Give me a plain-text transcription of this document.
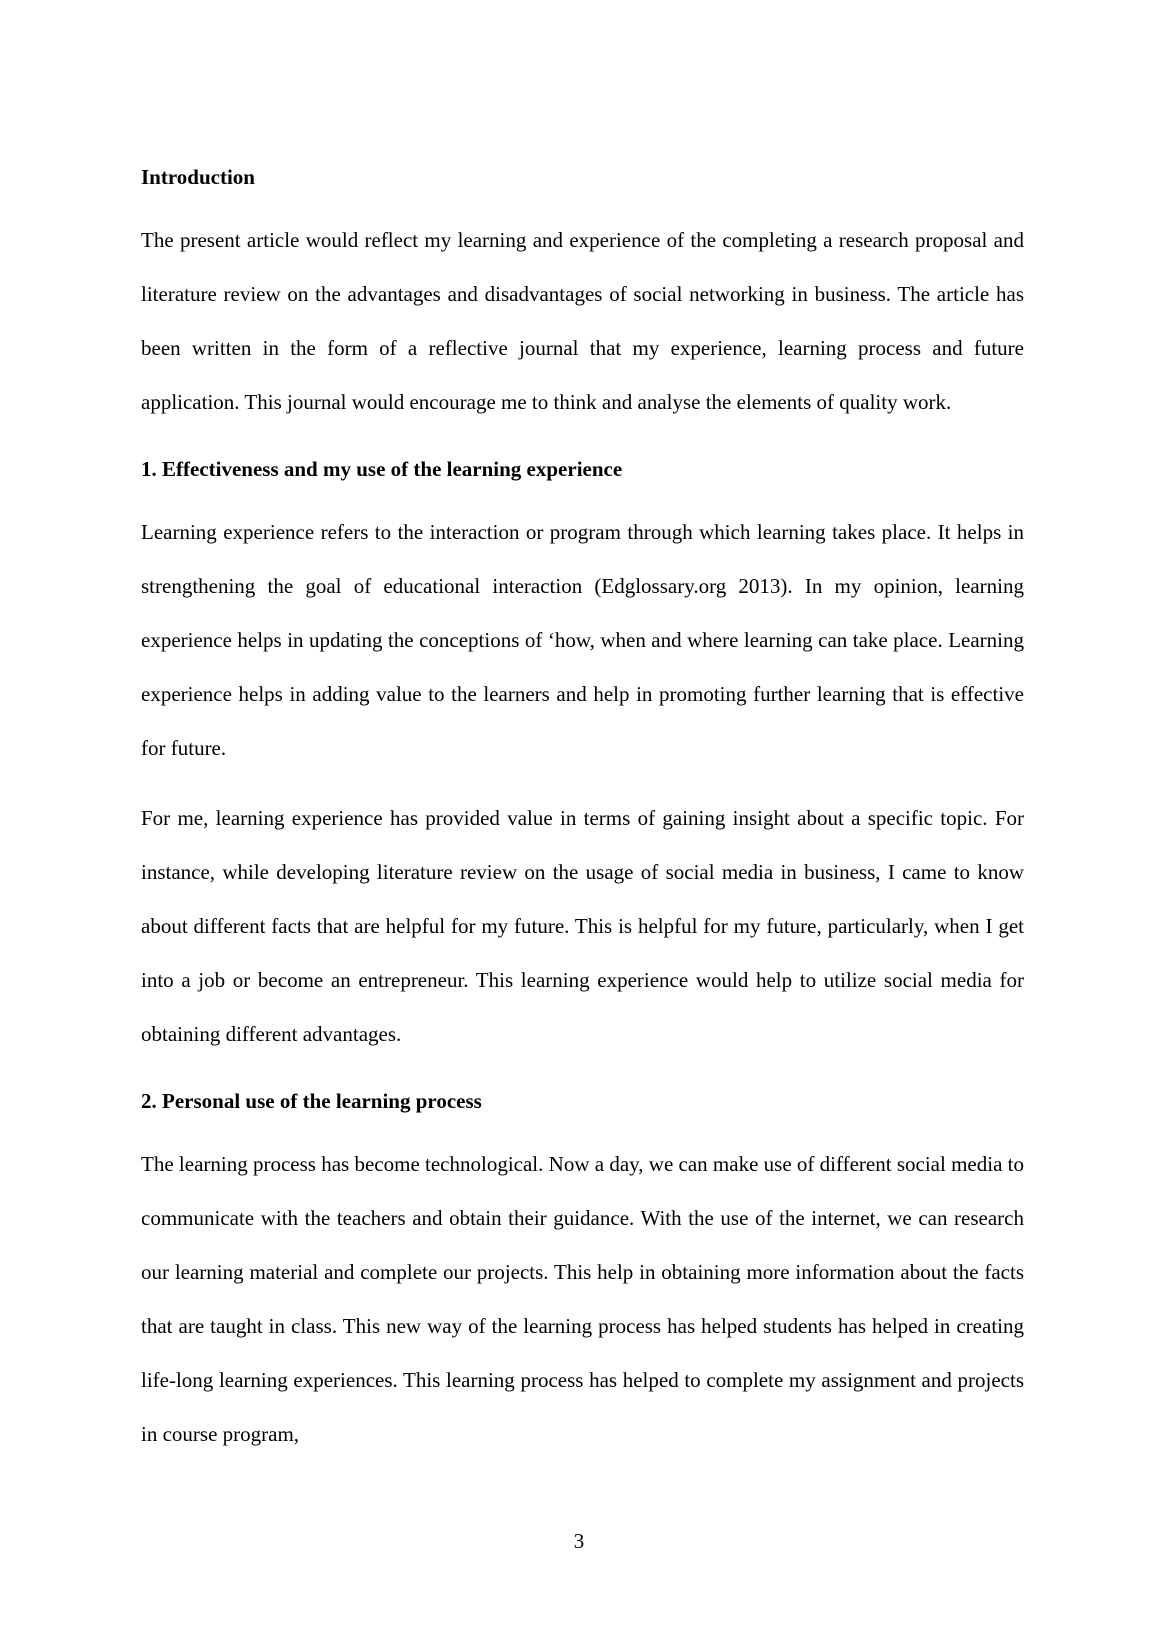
Introduction

The present article would reflect my learning and experience of the completing a research proposal and literature review on the advantages and disadvantages of social networking in business. The article has been written in the form of a reflective journal that my experience, learning process and future application. This journal would encourage me to think and analyse the elements of quality work.

1. Effectiveness and my use of the learning experience

Learning experience refers to the interaction or program through which learning takes place. It helps in strengthening the goal of educational interaction (Edglossary.org 2013). In my opinion, learning experience helps in updating the conceptions of ‘how, when and where learning can take place. Learning experience helps in adding value to the learners and help in promoting further learning that is effective for future.

For me, learning experience has provided value in terms of gaining insight about a specific topic. For instance, while developing literature review on the usage of social media in business, I came to know about different facts that are helpful for my future. This is helpful for my future, particularly, when I get into a job or become an entrepreneur. This learning experience would help to utilize social media for obtaining different advantages.

2. Personal use of the learning process

The learning process has become technological. Now a day, we can make use of different social media to communicate with the teachers and obtain their guidance. With the use of the internet, we can research our learning material and complete our projects. This help in obtaining more information about the facts that are taught in class. This new way of the learning process has helped students has helped in creating life-long learning experiences. This learning process has helped to complete my assignment and projects in course program,

3
